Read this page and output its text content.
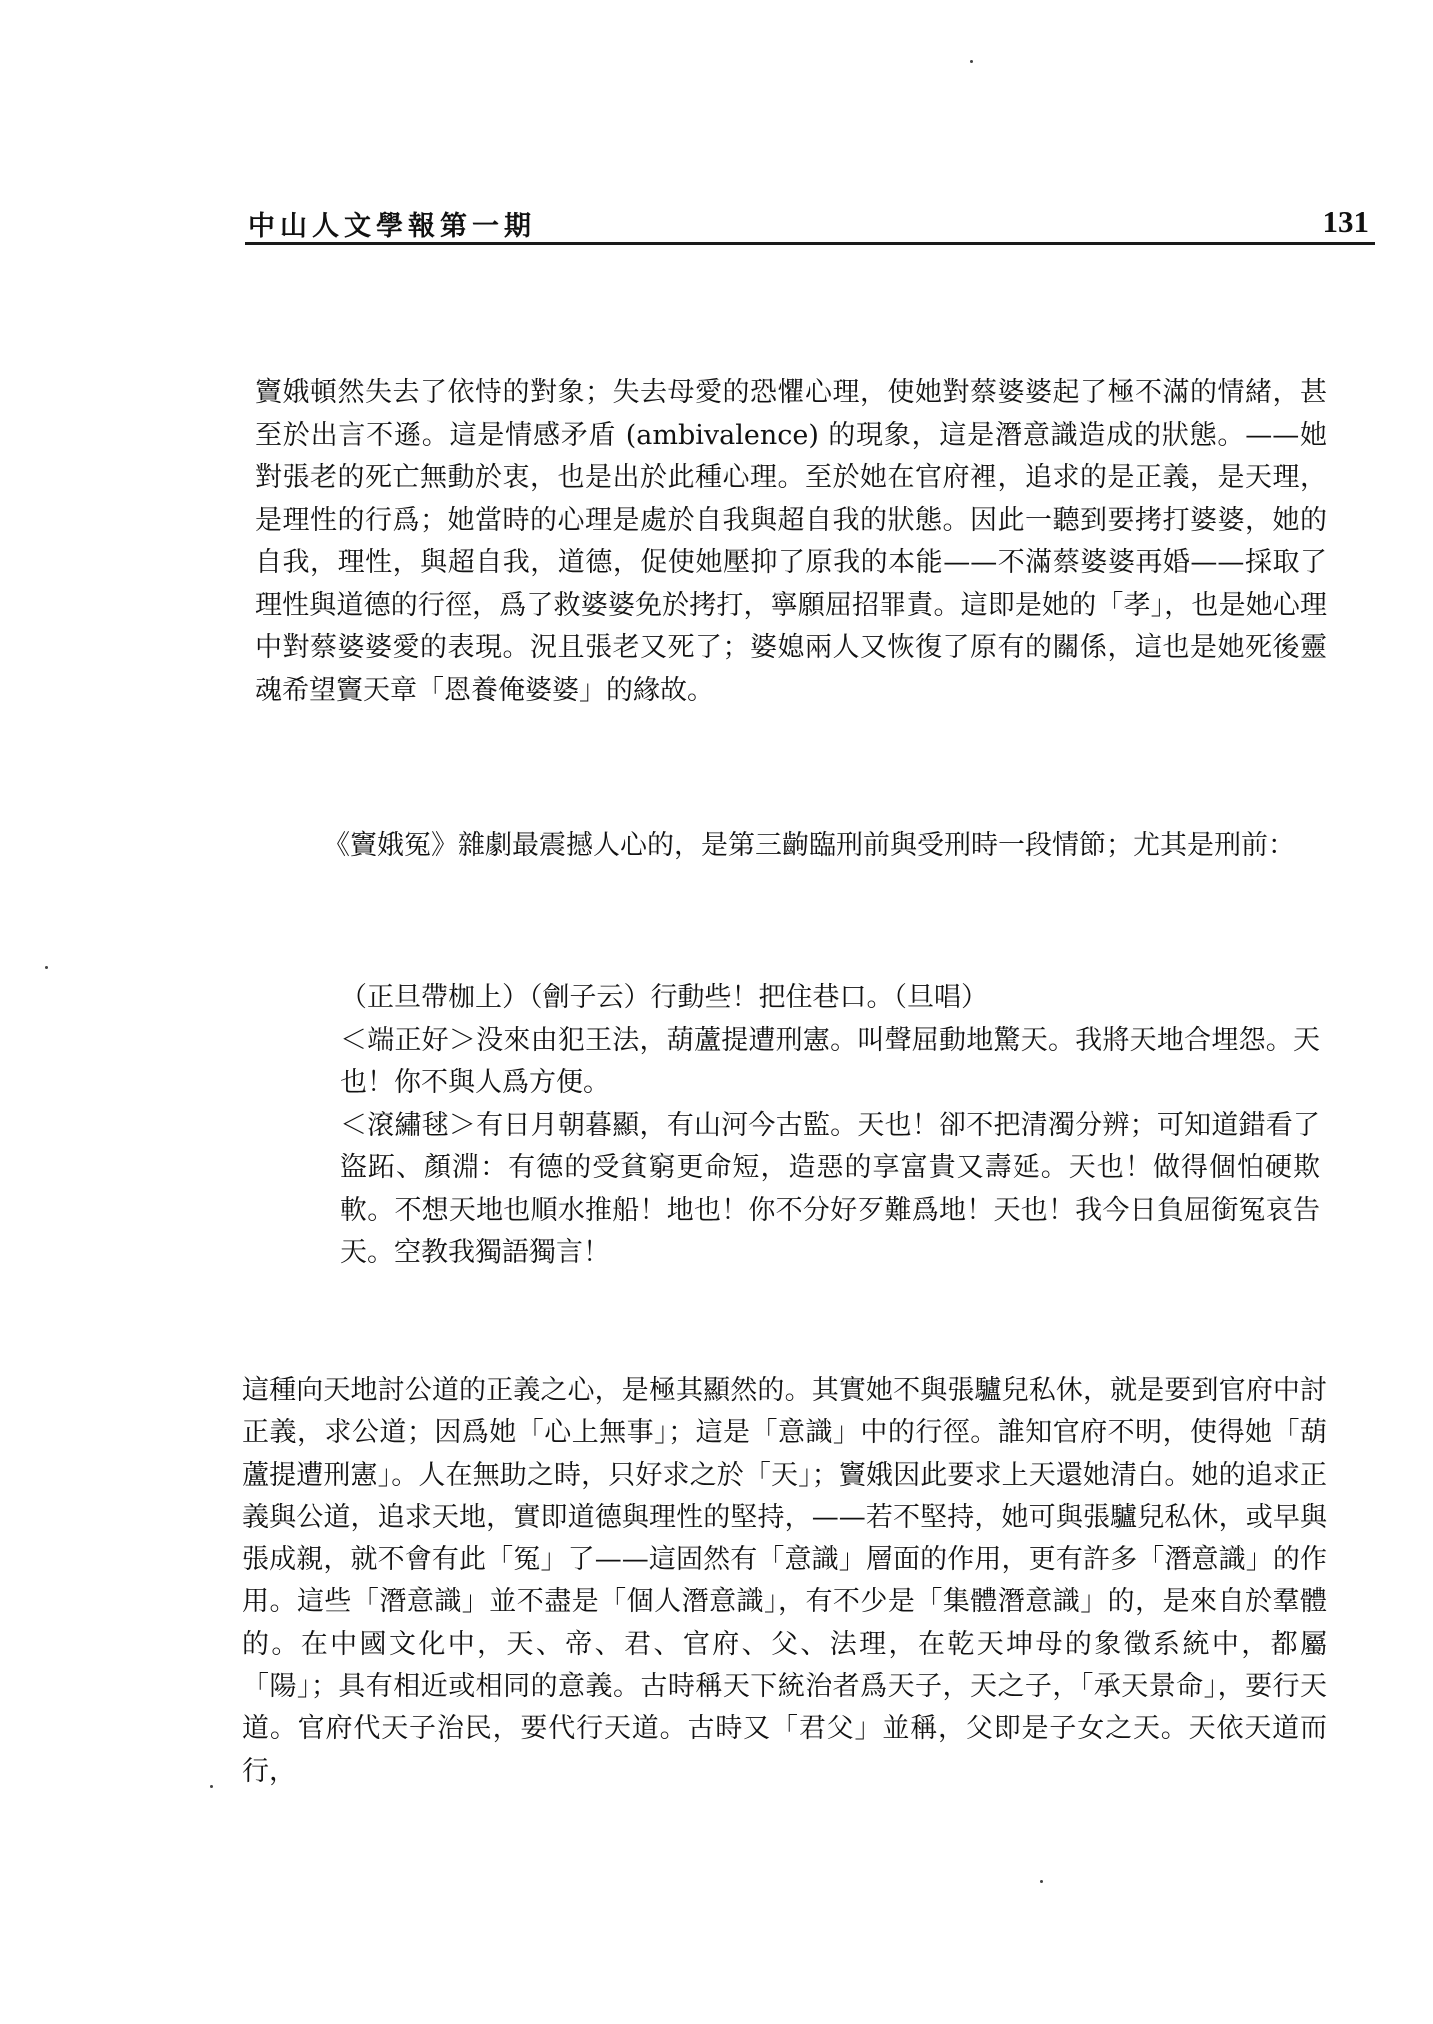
中山人文學報第一期	131

竇娥頓然失去了依恃的對象；失去母愛的恐懼心理，使她對蔡婆婆起了極不滿的情緒，甚至於出言不遜。這是情感矛盾 (ambivalence) 的現象，這是潛意識造成的狀態。——她對張老的死亡無動於衷，也是出於此種心理。至於她在官府裡，追求的是正義，是天理，是理性的行爲；她當時的心理是處於自我與超自我的狀態。因此一聽到要拷打婆婆，她的自我，理性，與超自我，道德，促使她壓抑了原我的本能——不滿蔡婆婆再婚——採取了理性與道德的行徑，爲了救婆婆免於拷打，寧願屈招罪責。這即是她的「孝」，也是她心理中對蔡婆婆愛的表現。況且張老又死了；婆媳兩人又恢復了原有的關係，這也是她死後靈魂希望竇天章「恩養俺婆婆」的緣故。

《竇娥冤》雜劇最震撼人心的，是第三齣臨刑前與受刑時一段情節；尤其是刑前：

（正旦帶枷上）（劊子云）行動些！把住巷口。（旦唱）

＜端正好＞没來由犯王法，葫蘆提遭刑憲。叫聲屈動地驚天。我將天地合埋怨。天也！你不與人爲方便。

＜滾繡毬＞有日月朝暮顯，有山河今古監。天也！卻不把清濁分辨；可知道錯看了盜跖、顏淵：有德的受貧窮更命短，造惡的享富貴又壽延。天也！做得個怕硬欺軟。不想天地也順水推船！地也！你不分好歹難爲地！天也！我今日負屈銜冤哀告天。空教我獨語獨言！

這種向天地討公道的正義之心，是極其顯然的。其實她不與張驢兒私休，就是要到官府中討正義，求公道；因爲她「心上無事」；這是「意識」中的行徑。誰知官府不明，使得她「葫蘆提遭刑憲」。人在無助之時，只好求之於「天」；竇娥因此要求上天還她清白。她的追求正義與公道，追求天地，實即道德與理性的堅持，——若不堅持，她可與張驢兒私休，或早與張成親，就不會有此「冤」了——這固然有「意識」層面的作用，更有許多「潛意識」的作用。這些「潛意識」並不盡是「個人潛意識」，有不少是「集體潛意識」的，是來自於羣體的。在中國文化中，天、帝、君、官府、父、法理，在乾天坤母的象徵系統中，都屬「陽」；具有相近或相同的意義。古時稱天下統治者爲天子，天之子，「承天景命」，要行天道。官府代天子治民，要代行天道。古時又「君父」並稱，父即是子女之天。天依天道而行，
